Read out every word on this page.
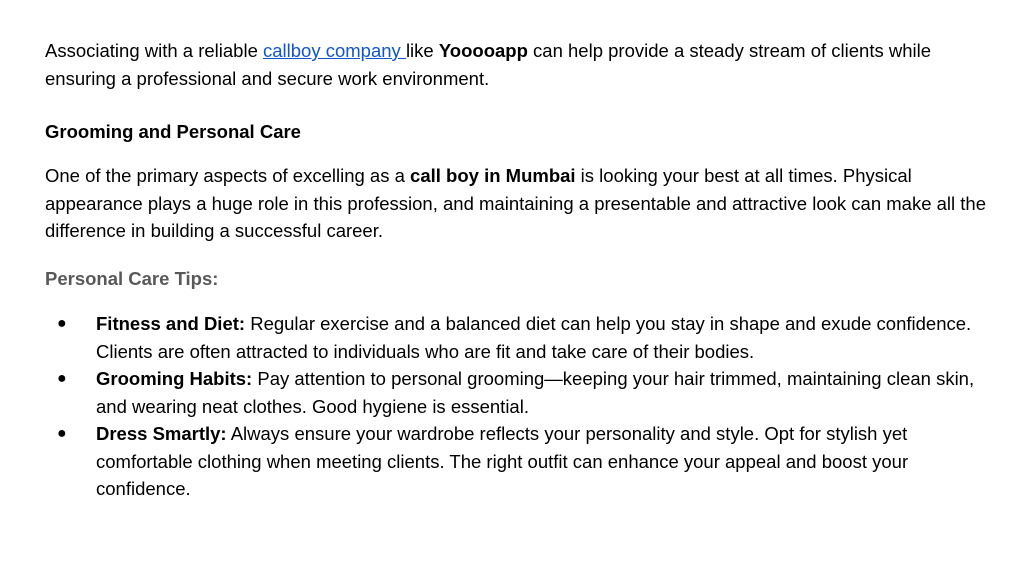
Associating with a reliable callboy company like Yooooapp can help provide a steady stream of clients while ensuring a professional and secure work environment.

Grooming and Personal Care

One of the primary aspects of excelling as a call boy in Mumbai is looking your best at all times. Physical appearance plays a huge role in this profession, and maintaining a presentable and attractive look can make all the difference in building a successful career.

Personal Care Tips:

● Fitness and Diet: Regular exercise and a balanced diet can help you stay in shape and exude confidence. Clients are often attracted to individuals who are fit and take care of their bodies.
● Grooming Habits: Pay attention to personal grooming—keeping your hair trimmed, maintaining clean skin, and wearing neat clothes. Good hygiene is essential.
● Dress Smartly: Always ensure your wardrobe reflects your personality and style. Opt for stylish yet comfortable clothing when meeting clients. The right outfit can enhance your appeal and boost your confidence.
